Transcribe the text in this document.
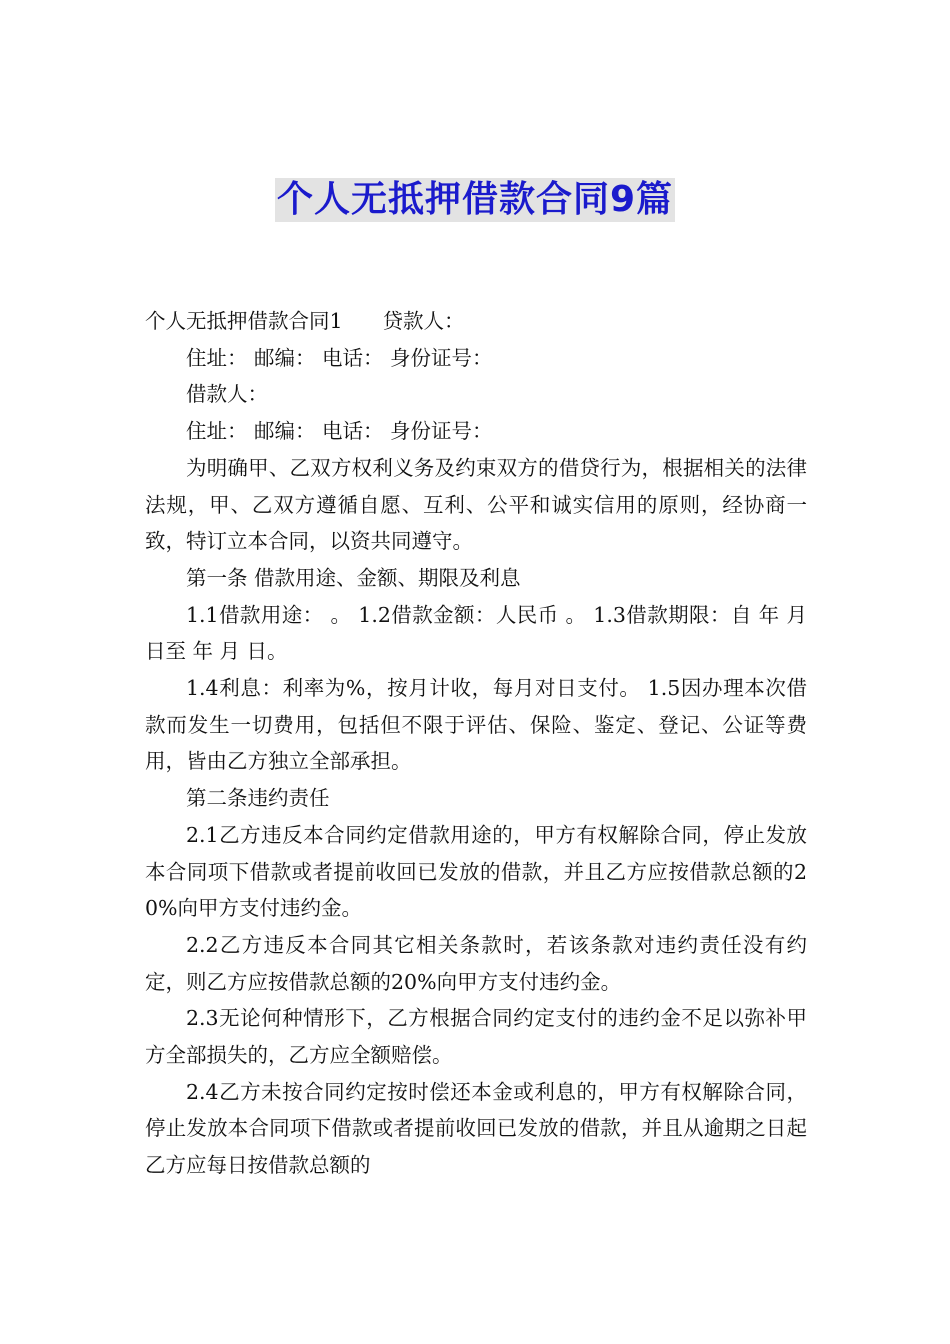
个人无抵押借款合同9篇

个人无抵押借款合同1 贷款人：

住址： 邮编： 电话： 身份证号：

借款人：

住址： 邮编： 电话： 身份证号：

为明确甲、乙双方权利义务及约束双方的借贷行为，根据相关的法律法规，甲、乙双方遵循自愿、互利、公平和诚实信用的原则，经协商一致，特订立本合同，以资共同遵守。

第一条 借款用途、金额、期限及利息

1.1借款用途： 。 1.2借款金额：人民币 。 1.3借款期限：自 年 月 日至 年 月 日。

1.4利息：利率为%，按月计收，每月对日支付。 1.5因办理本次借款而发生一切费用，包括但不限于评估、保险、鉴定、登记、公证等费用，皆由乙方独立全部承担。

第二条违约责任

2.1乙方违反本合同约定借款用途的，甲方有权解除合同，停止发放本合同项下借款或者提前收回已发放的借款，并且乙方应按借款总额的20%向甲方支付违约金。

2.2乙方违反本合同其它相关条款时，若该条款对违约责任没有约定，则乙方应按借款总额的20%向甲方支付违约金。

2.3无论何种情形下，乙方根据合同约定支付的违约金不足以弥补甲方全部损失的，乙方应全额赔偿。

2.4乙方未按合同约定按时偿还本金或利息的，甲方有权解除合同，停止发放本合同项下借款或者提前收回已发放的借款，并且从逾期之日起乙方应每日按借款总额的
